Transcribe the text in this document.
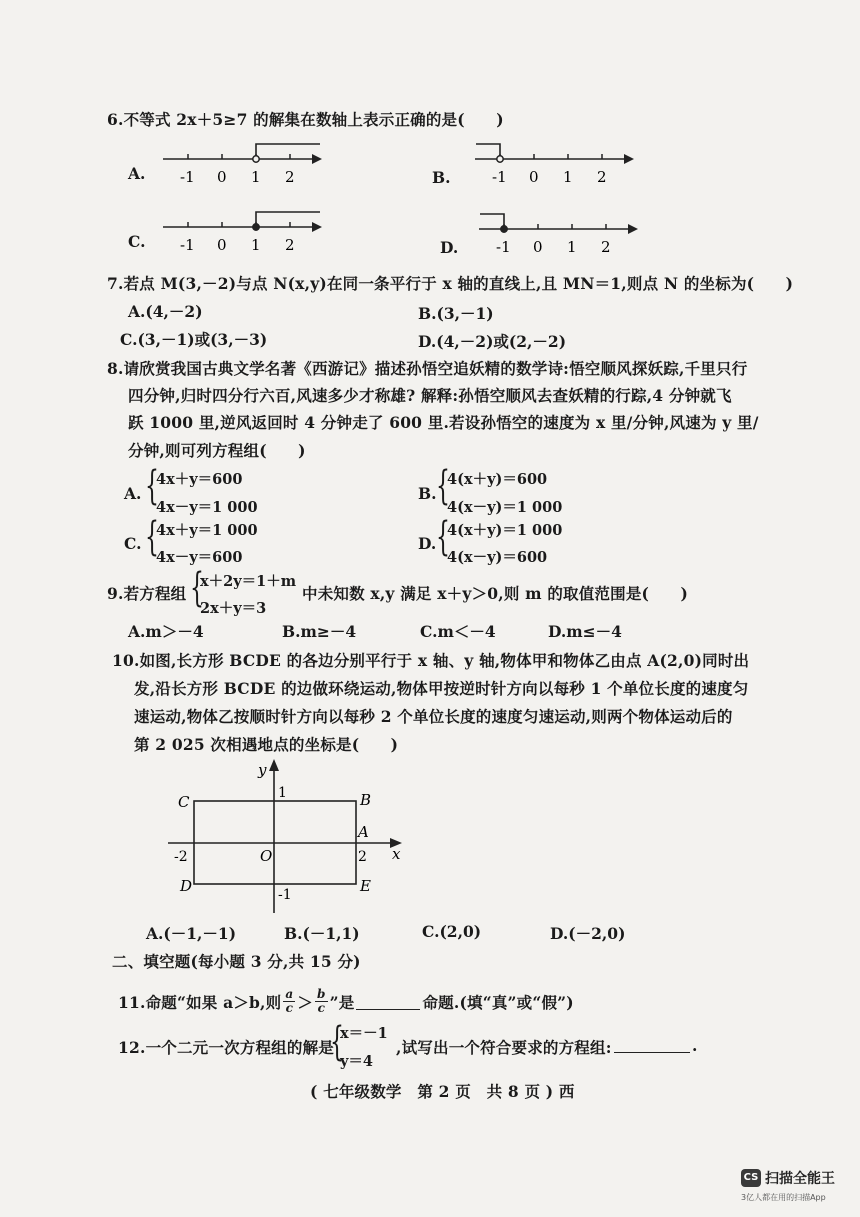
6.不等式 2x＋5≥7 的解集在数轴上表示正确的是(　　)
A. -1 0 1 2	B.	-1 0 1 2
C. -1 0 1 2	D.	-1 0 1 2
7.若点 M(3,－2)与点 N(x,y)在同一条平行于 x 轴的直线上,且 MN＝1,则点 N 的坐标为(　　)
A.(4,－2)	B.(3,－1)
C.(3,－1)或(3,－3)	D.(4,－2)或(2,－2)
8.请欣赏我国古典文学名著《西游记》描述孙悟空追妖精的数学诗:悟空顺风探妖踪,千里只行
四分钟,归时四分行六百,风速多少才称雄? 解释:孙悟空顺风去查妖精的行踪,4 分钟就飞
跃 1000 里,逆风返回时 4 分钟走了 600 里.若设孙悟空的速度为 x 里/分钟,风速为 y 里/
分钟,则可列方程组(　　)
A. {
4x＋y＝600
4x－y＝1 000
B. {
4(x＋y)＝600
4(x－y)＝1 000
C. {
4x＋y＝1 000
4x－y＝600
D. {
4(x＋y)＝1 000
4(x－y)＝600
9.若方程组 {
x＋2y＝1＋m
2x＋y＝3
中未知数 x,y 满足 x＋y＞0,则 m 的取值范围是(　　)
A.m＞－4	B.m≥－4	C.m＜－4	D.m≤－4
10.如图,长方形 BCDE 的各边分别平行于 x 轴、y 轴,物体甲和物体乙由点 A(2,0)同时出
发,沿长方形 BCDE 的边做环绕运动,物体甲按逆时针方向以每秒 1 个单位长度的速度匀
速运动,物体乙按顺时针方向以每秒 2 个单位长度的速度匀速运动,则两个物体运动后的
第 2 025 次相遇地点的坐标是(　　)
y
x
C	B
A
D	E
O
1
-1
-2	2
A.(－1,－1)	B.(－1,1)	C.(2,0)	D.(－2,0)
二、填空题(每小题 3 分,共 15 分)
11.命题“如果 a＞b,则 $\frac{a}{c} > \frac{b}{c}$ ”是	命题.(填“真”或“假”)
12.一个二元一次方程组的解是
{
x＝－1
y＝4
,试写出一个符合要求的方程组:	.
( 七年级数学　第 2 页　共 8 页 ) 西
CS 扫描全能王
3亿人都在用的扫描App
